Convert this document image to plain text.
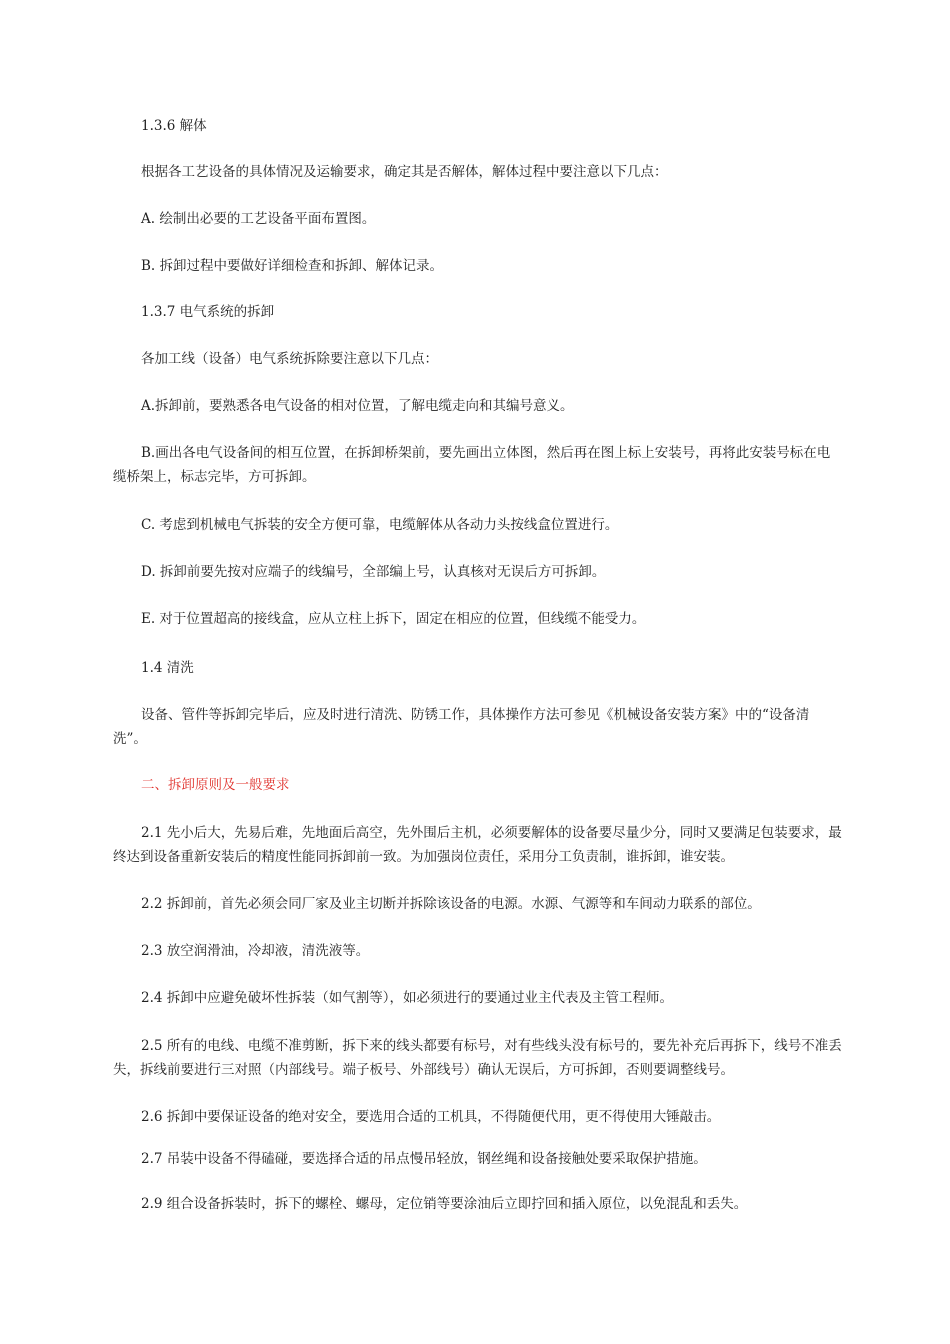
1.3.6 解体
根据各工艺设备的具体情况及运输要求，确定其是否解体，解体过程中要注意以下几点：
A. 绘制出必要的工艺设备平面布置图。
B. 拆卸过程中要做好详细检查和拆卸、解体记录。
1.3.7 电气系统的拆卸
各加工线（设备）电气系统拆除要注意以下几点：
A.拆卸前，要熟悉各电气设备的相对位置，了解电缆走向和其编号意义。
B.画出各电气设备间的相互位置，在拆卸桥架前，要先画出立体图，然后再在图上标上安装号，再将此安装号标在电缆桥架上，标志完毕，方可拆卸。
C. 考虑到机械电气拆装的安全方便可靠，电缆解体从各动力头按线盒位置进行。
D. 拆卸前要先按对应端子的线编号，全部编上号，认真核对无误后方可拆卸。
E. 对于位置超高的接线盒，应从立柱上拆下，固定在相应的位置，但线缆不能受力。
1.4 清洗
设备、管件等拆卸完毕后，应及时进行清洗、防锈工作，具体操作方法可参见《机械设备安装方案》中的“设备清洗”。
二、拆卸原则及一般要求
2.1 先小后大，先易后难，先地面后高空，先外围后主机，必须要解体的设备要尽量少分，同时又要满足包装要求，最终达到设备重新安装后的精度性能同拆卸前一致。为加强岗位责任，采用分工负责制，谁拆卸，谁安装。
2.2 拆卸前，首先必须会同厂家及业主切断并拆除该设备的电源。水源、气源等和车间动力联系的部位。
2.3 放空润滑油，冷却液，清洗液等。
2.4 拆卸中应避免破坏性拆装（如气割等），如必须进行的要通过业主代表及主管工程师。
2.5 所有的电线、电缆不准剪断，拆下来的线头都要有标号，对有些线头没有标号的，要先补充后再拆下，线号不准丢失，拆线前要进行三对照（内部线号。端子板号、外部线号）确认无误后，方可拆卸，否则要调整线号。
2.6 拆卸中要保证设备的绝对安全，要选用合适的工机具，不得随便代用，更不得使用大锤敲击。
2.7 吊装中设备不得磕碰，要选择合适的吊点慢吊轻放，钢丝绳和设备接触处要采取保护措施。
2.9 组合设备拆装时，拆下的螺栓、螺母，定位销等要涂油后立即拧回和插入原位，以免混乱和丢失。
